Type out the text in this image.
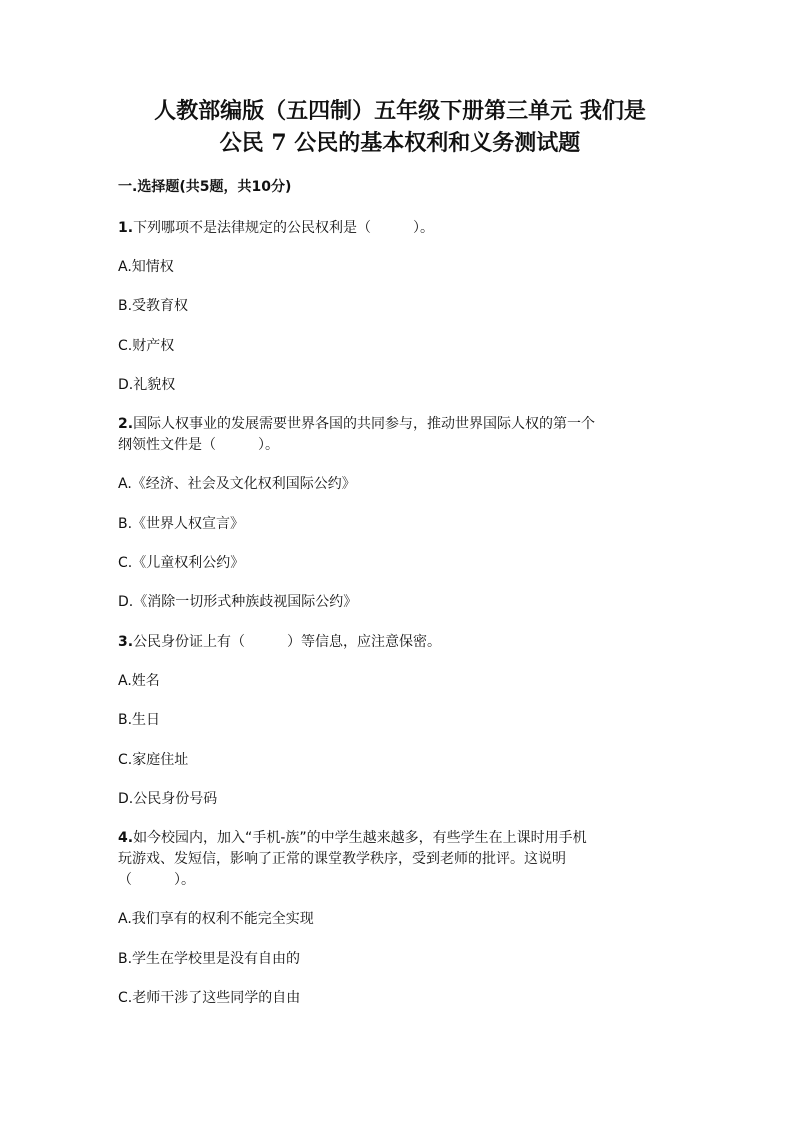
人教部编版（五四制）五年级下册第三单元 我们是
公民 7 公民的基本权利和义务测试题
一.选择题(共5题，共10分)
1.下列哪项不是法律规定的公民权利是（　　　）。
A.知情权
B.受教育权
C.财产权
D.礼貌权
2.国际人权事业的发展需要世界各国的共同参与，推动世界国际人权的第一个
纲领性文件是（　　　）。
A.《经济、社会及文化权利国际公约》
B.《世界人权宣言》
C.《儿童权利公约》
D.《消除一切形式种族歧视国际公约》
3.公民身份证上有（　　　）等信息，应注意保密。
A.姓名
B.生日
C.家庭住址
D.公民身份号码
4.如今校园内，加入“手机-族”的中学生越来越多，有些学生在上课时用手机
玩游戏、发短信，影响了正常的课堂教学秩序，受到老师的批评。这说明
（　　　）。
A.我们享有的权利不能完全实现
B.学生在学校里是没有自由的
C.老师干涉了这些同学的自由
